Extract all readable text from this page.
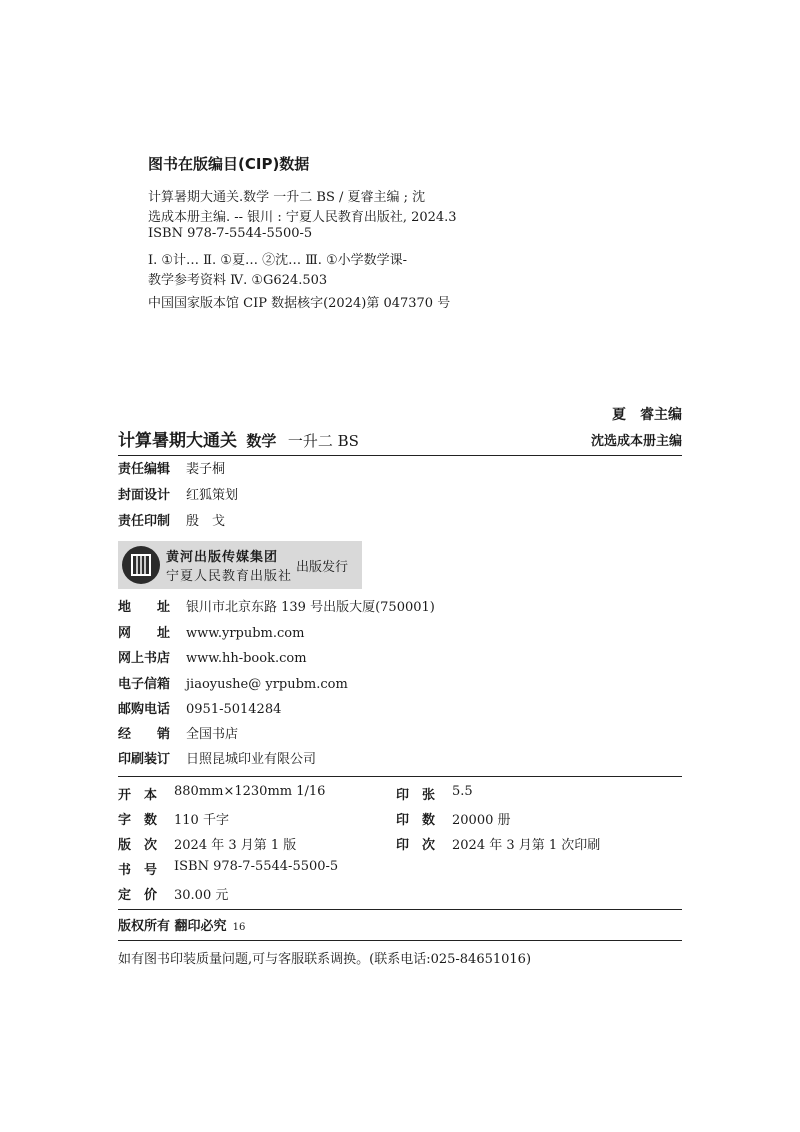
图书在版编目(CIP)数据
计算暑期大通关.数学 一升二 BS / 夏睿主编 ; 沈
选成本册主编. -- 银川 : 宁夏人民教育出版社, 2024.3
ISBN 978-7-5544-5500-5
Ⅰ. ①计… Ⅱ. ①夏… ②沈… Ⅲ. ①小学数学课-
教学参考资料 Ⅳ. ①G624.503
中国国家版本馆 CIP 数据核字(2024)第 047370 号
夏　睿主编
计算暑期大通关 数学 一升二 BS	沈选成本册主编
责任编辑 裴子桐
封面设计 红狐策划
责任印制 殷　戈
黄河出版传媒集团
宁夏人民教育出版社
出版发行
地　　址 银川市北京东路 139 号出版大厦(750001)
网　　址 www.yrpubm.com
网上书店 www.hh-book.com
电子信箱 jiaoyushe@ yrpubm.com
邮购电话 0951-5014284
经　　销 全国书店
印刷装订 日照昆城印业有限公司
开　本 880mm×1230mm 1/16	印　张 5.5
字　数 110 千字	印　数 20000 册
版　次 2024 年 3 月第 1 版	印　次 2024 年 3 月第 1 次印刷
书　号 ISBN 978-7-5544-5500-5
定　价 30.00 元
版权所有 翻印必究 16
如有图书印装质量问题,可与客服联系调换。(联系电话:025-84651016)
